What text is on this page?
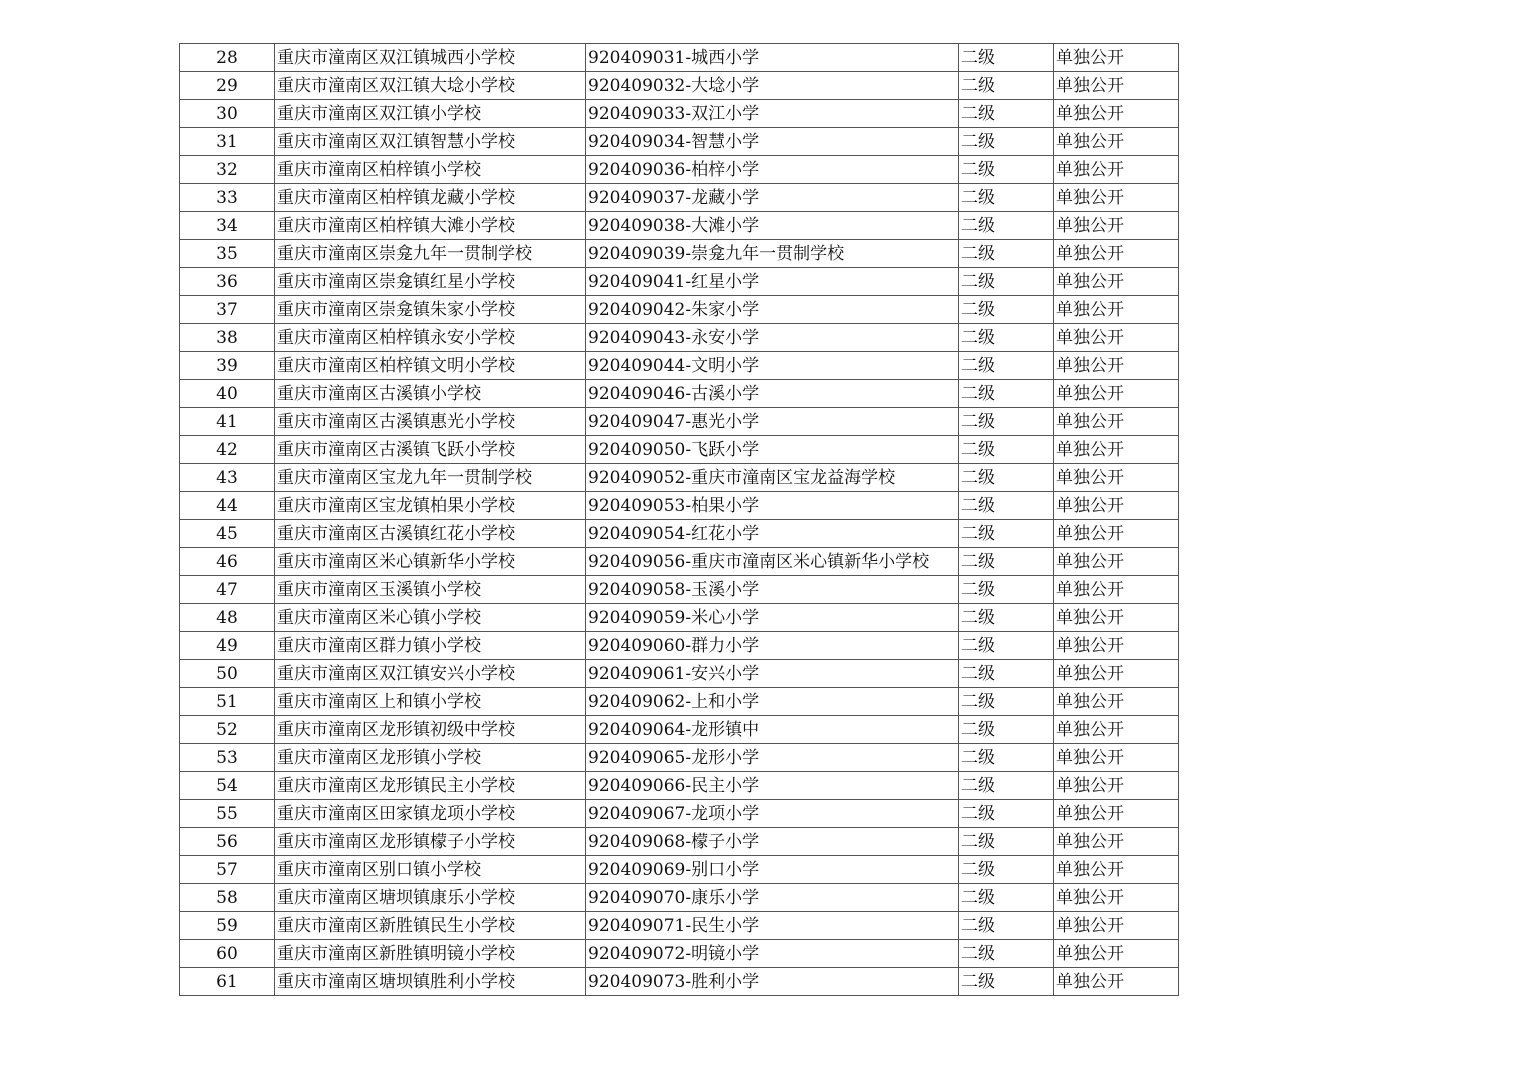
28	重庆市潼南区双江镇城西小学校	920409031-城西小学	二级	单独公开
29	重庆市潼南区双江镇大埝小学校	920409032-大埝小学	二级	单独公开
30	重庆市潼南区双江镇小学校	920409033-双江小学	二级	单独公开
31	重庆市潼南区双江镇智慧小学校	920409034-智慧小学	二级	单独公开
32	重庆市潼南区柏梓镇小学校	920409036-柏梓小学	二级	单独公开
33	重庆市潼南区柏梓镇龙藏小学校	920409037-龙藏小学	二级	单独公开
34	重庆市潼南区柏梓镇大滩小学校	920409038-大滩小学	二级	单独公开
35	重庆市潼南区崇龛九年一贯制学校	920409039-崇龛九年一贯制学校	二级	单独公开
36	重庆市潼南区崇龛镇红星小学校	920409041-红星小学	二级	单独公开
37	重庆市潼南区崇龛镇朱家小学校	920409042-朱家小学	二级	单独公开
38	重庆市潼南区柏梓镇永安小学校	920409043-永安小学	二级	单独公开
39	重庆市潼南区柏梓镇文明小学校	920409044-文明小学	二级	单独公开
40	重庆市潼南区古溪镇小学校	920409046-古溪小学	二级	单独公开
41	重庆市潼南区古溪镇惠光小学校	920409047-惠光小学	二级	单独公开
42	重庆市潼南区古溪镇飞跃小学校	920409050-飞跃小学	二级	单独公开
43	重庆市潼南区宝龙九年一贯制学校	920409052-重庆市潼南区宝龙益海学校	二级	单独公开
44	重庆市潼南区宝龙镇柏果小学校	920409053-柏果小学	二级	单独公开
45	重庆市潼南区古溪镇红花小学校	920409054-红花小学	二级	单独公开
46	重庆市潼南区米心镇新华小学校	920409056-重庆市潼南区米心镇新华小学校	二级	单独公开
47	重庆市潼南区玉溪镇小学校	920409058-玉溪小学	二级	单独公开
48	重庆市潼南区米心镇小学校	920409059-米心小学	二级	单独公开
49	重庆市潼南区群力镇小学校	920409060-群力小学	二级	单独公开
50	重庆市潼南区双江镇安兴小学校	920409061-安兴小学	二级	单独公开
51	重庆市潼南区上和镇小学校	920409062-上和小学	二级	单独公开
52	重庆市潼南区龙形镇初级中学校	920409064-龙形镇中	二级	单独公开
53	重庆市潼南区龙形镇小学校	920409065-龙形小学	二级	单独公开
54	重庆市潼南区龙形镇民主小学校	920409066-民主小学	二级	单独公开
55	重庆市潼南区田家镇龙项小学校	920409067-龙项小学	二级	单独公开
56	重庆市潼南区龙形镇檬子小学校	920409068-檬子小学	二级	单独公开
57	重庆市潼南区别口镇小学校	920409069-别口小学	二级	单独公开
58	重庆市潼南区塘坝镇康乐小学校	920409070-康乐小学	二级	单独公开
59	重庆市潼南区新胜镇民生小学校	920409071-民生小学	二级	单独公开
60	重庆市潼南区新胜镇明镜小学校	920409072-明镜小学	二级	单独公开
61	重庆市潼南区塘坝镇胜利小学校	920409073-胜利小学	二级	单独公开
